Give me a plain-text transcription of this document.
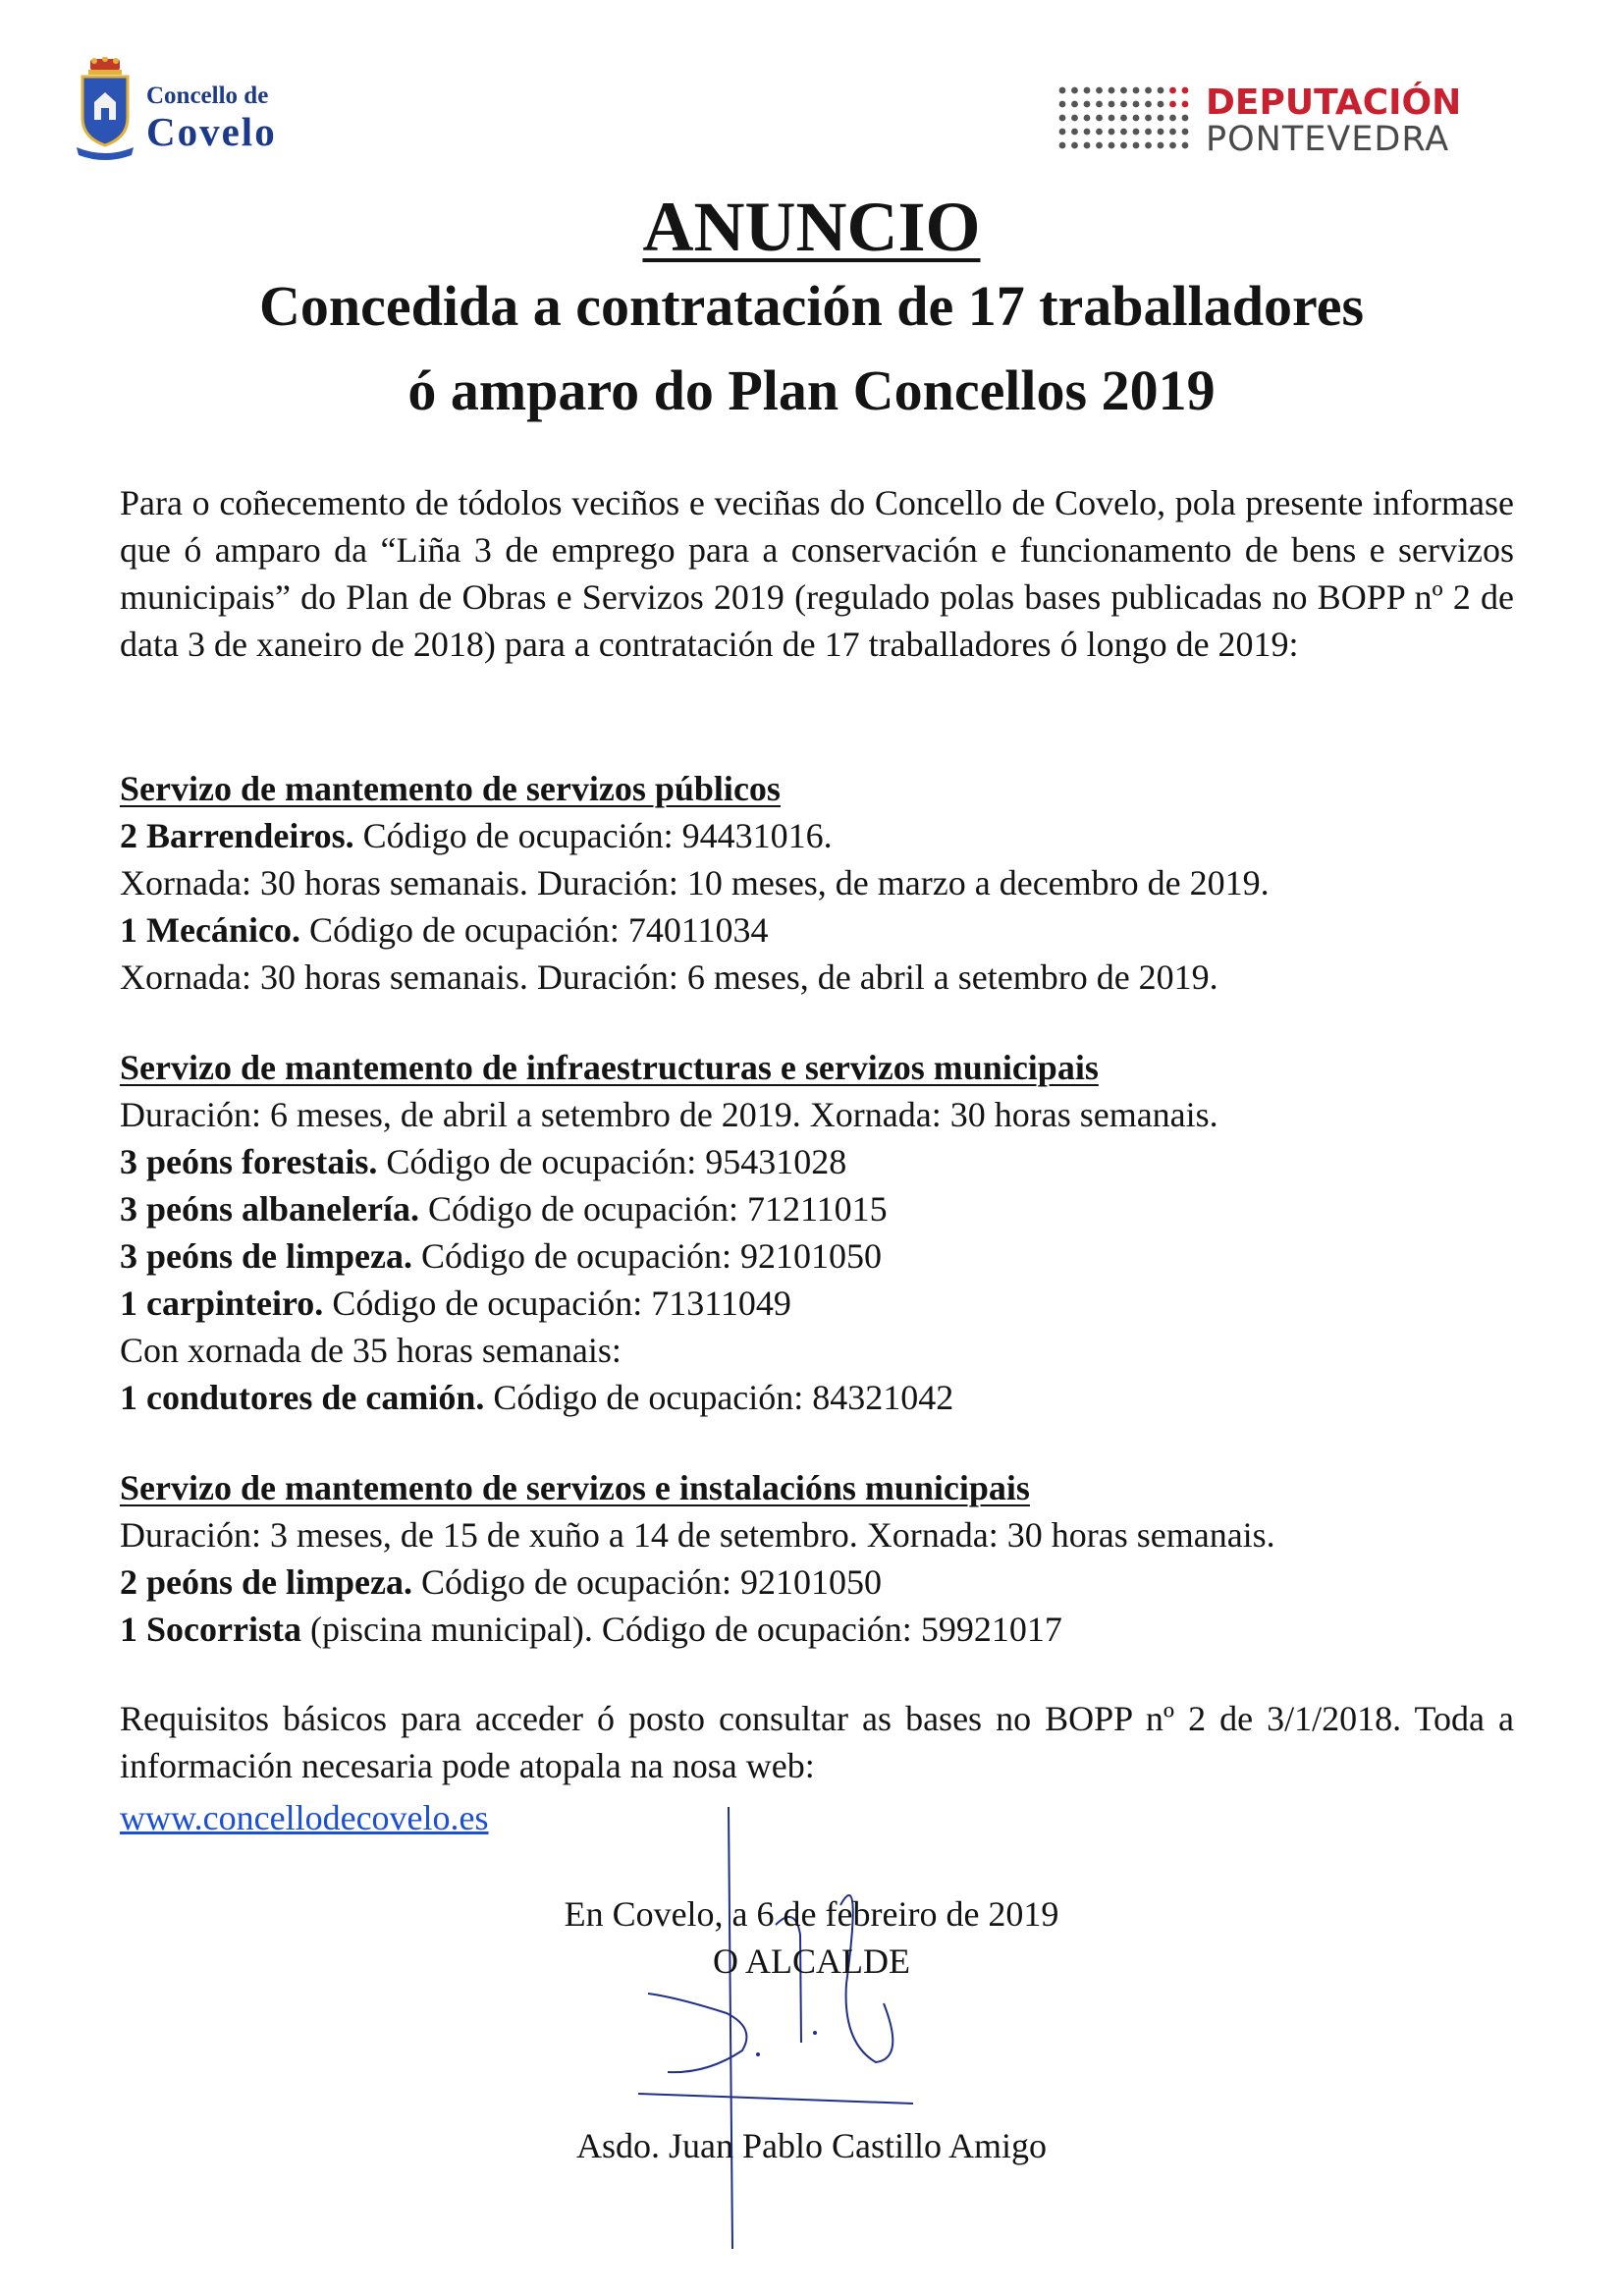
Concello de
Covelo
DEPUTACIÓN
PONTEVEDRA
ANUNCIO
Concedida a contratación de 17 traballadores
ó amparo do Plan Concellos 2019
Para o coñecemento de tódolos veciños e veciñas do Concello de Covelo, pola presente informase que ó amparo da “Liña 3 de emprego para a conservación e funcionamento de bens e servizos municipais” do Plan de Obras e Servizos 2019 (regulado polas bases publicadas no BOPP nº 2 de data 3 de xaneiro de 2018) para a contratación de 17 traballadores ó longo de 2019:
Servizo de mantemento de servizos públicos
2 Barrendeiros. Código de ocupación: 94431016.
Xornada: 30 horas semanais. Duración: 10 meses, de marzo a decembro de 2019.
1 Mecánico. Código de ocupación: 74011034
Xornada: 30 horas semanais. Duración: 6 meses, de abril a setembro de 2019.
Servizo de mantemento de infraestructuras e servizos municipais
Duración: 6 meses, de abril a setembro de 2019. Xornada: 30 horas semanais.
3 peóns forestais. Código de ocupación: 95431028
3 peóns albanelería. Código de ocupación: 71211015
3 peóns de limpeza. Código de ocupación: 92101050
1 carpinteiro. Código de ocupación: 71311049
Con xornada de 35 horas semanais:
1 condutores de camión. Código de ocupación: 84321042
Servizo de mantemento de servizos e instalacións municipais
Duración: 3 meses, de 15 de xuño a 14 de setembro. Xornada: 30 horas semanais.
2 peóns de limpeza. Código de ocupación: 92101050
1 Socorrista (piscina municipal). Código de ocupación: 59921017
Requisitos básicos para acceder ó posto consultar as bases no BOPP nº 2 de 3/1/2018. Toda a información necesaria pode atopala na nosa web:
www.concellodecovelo.es
En Covelo, a 6 de febreiro de 2019
O ALCALDE
Asdo. Juan Pablo Castillo Amigo
